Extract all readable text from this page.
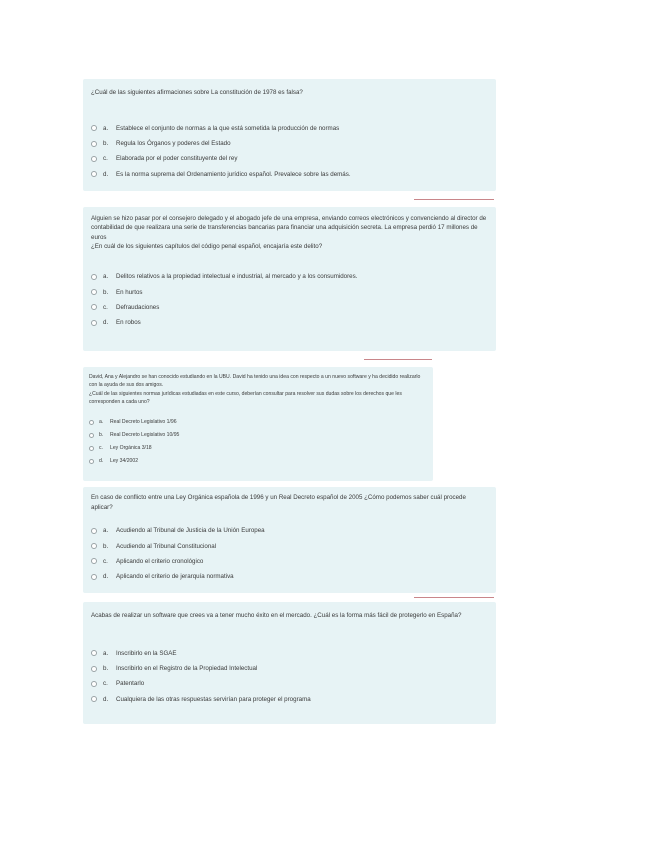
¿Cuál de las siguientes afirmaciones sobre La constitución de 1978 es falsa?

a.	Establece el conjunto de normas a la que está sometida la producción de normas
b.	Regula los Órganos y poderes del Estado
c.	Elaborada por el poder constituyente del rey
d.	Es la norma suprema del Ordenamiento jurídico español. Prevalece sobre las demás.

Alguien se hizo pasar por el consejero delegado y el abogado jefe de una empresa, enviando correos electrónicos y convenciendo al director de contabilidad de que realizara una serie de transferencias bancarias para financiar una adquisición secreta. La empresa perdió 17 millones de euros

¿En cuál de los siguientes capítulos del código penal español, encajaría este delito?

a.	Delitos relativos a la propiedad intelectual e industrial, al mercado y a los consumidores.
b.	En hurtos
c.	Defraudaciones
d.	En robos

David, Ana y Alejandro se han conocido estudiando en la UBU. David ha tenido una idea con respecto a un nuevo software y ha decidido realizarlo con la ayuda de sus dos amigos.

¿Cuál de las siguientes normas jurídicas estudiadas en este curso, deberían consultar para resolver sus dudas sobre los derechos que les corresponden a cada uno?

a.	Real Decreto Legislativo 1/96
b.	Real Decreto Legislativo 10/95
c.	Ley Orgánica 3/18
d.	Ley 34/2002

En caso de conflicto entre una Ley Orgánica española de 1996 y un Real Decreto español de 2005 ¿Cómo podemos saber cuál procede aplicar?

a.	Acudiendo al Tribunal de Justicia de la Unión Europea
b.	Acudiendo al Tribunal Constitucional
c.	Aplicando el criterio cronológico
d.	Aplicando el criterio de jerarquía normativa

Acabas de realizar un software que crees va a tener mucho éxito en el mercado. ¿Cuál es la forma más fácil de protegerlo en España?

a.	Inscribirlo en la SGAE
b.	Inscribirlo en el Registro de la Propiedad Intelectual
c.	Patentarlo
d.	Cualquiera de las otras respuestas servirían para proteger el programa
